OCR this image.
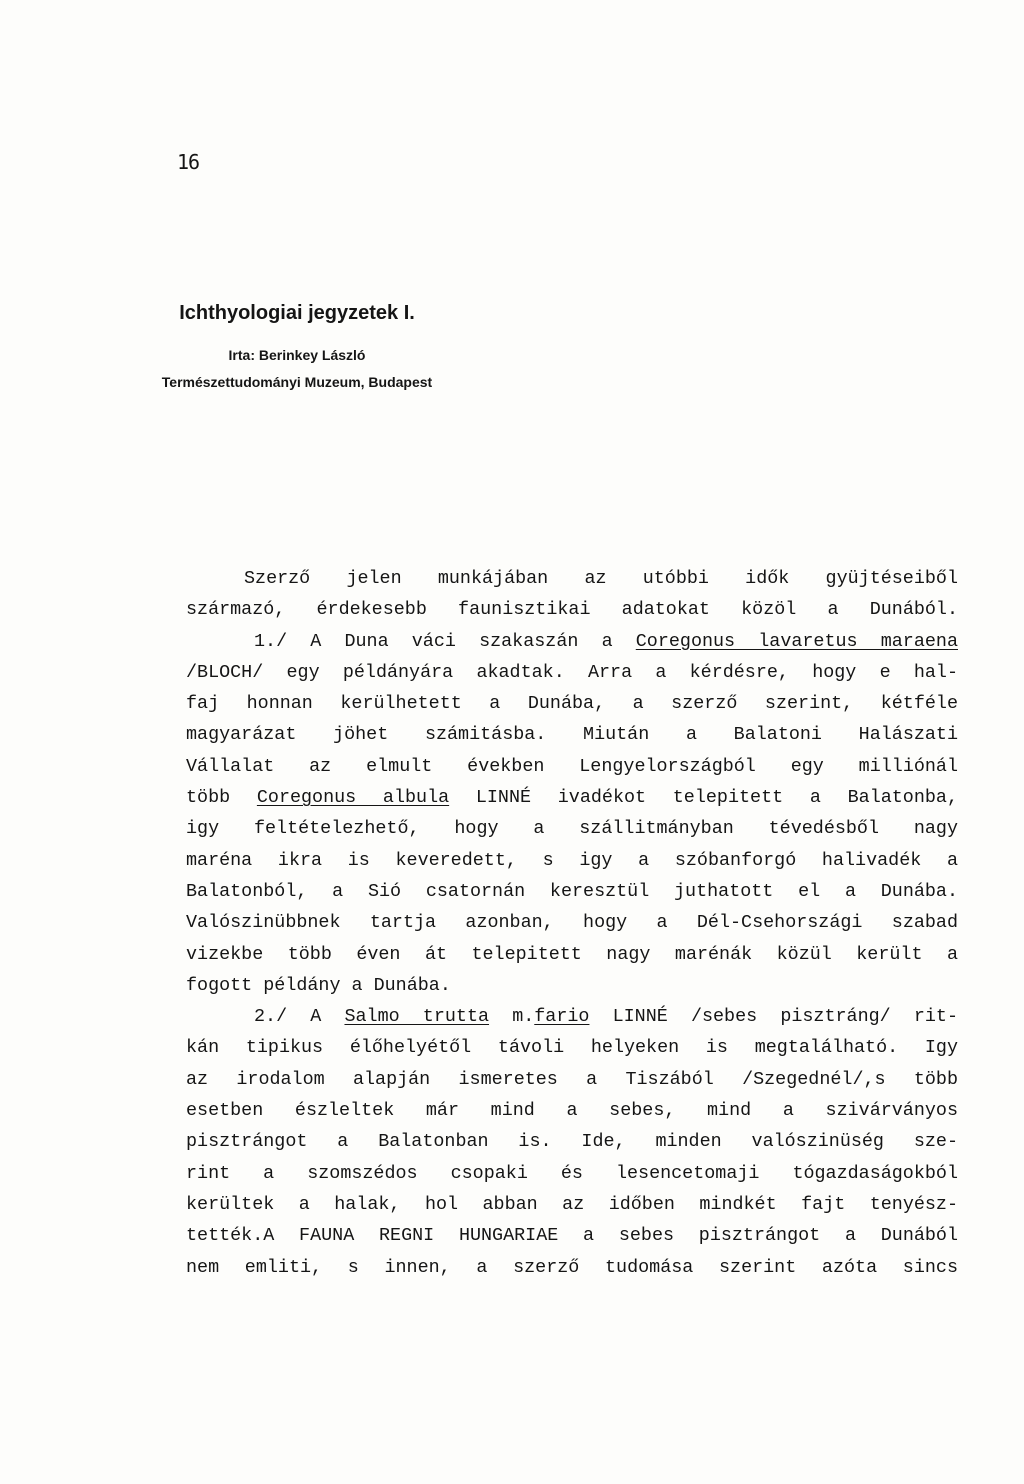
16
Ichthyologiai jegyzetek I.
Irta: Berinkey László
Természettudományi Muzeum, Budapest
Szerző jelen munkájában az utóbbi idők gyüjtéseiből
származó, érdekesebb faunisztikai adatokat közöl a Dunából.
1./ A Duna váci szakaszán a Coregonus lavaretus maraena
/BLOCH/ egy példányára akadtak. Arra a kérdésre, hogy e hal-
faj honnan kerülhetett a Dunába, a szerző szerint, kétféle
magyarázat jöhet számitásba. Miután a Balatoni Halászati
Vállalat az elmult években Lengyelországból egy milliónál
több Coregonus albula LINNÉ ivadékot telepitett a Balatonba,
igy feltételezhető, hogy a szállitmányban tévedésből nagy
maréna ikra is keveredett, s igy a szóbanforgó halivadék a
Balatonból, a Sió csatornán keresztül juthatott el a Dunába.
Valószinübbnek tartja azonban, hogy a Dél-Csehországi szabad
vizekbe több éven át telepitett nagy marénák közül került a
fogott példány a Dunába.
2./ A Salmo trutta m.fario LINNÉ /sebes pisztráng/ rit-
kán tipikus élőhelyétől távoli helyeken is megtalálható. Igy
az irodalom alapján ismeretes a Tiszából /Szegednél/,s több
esetben észleltek már mind a sebes, mind a szivárványos
pisztrángot a Balatonban is. Ide, minden valószinüség sze-
rint a szomszédos csopaki és lesencetomaji tógazdaságokból
kerültek a halak, hol abban az időben mindkét fajt tenyész-
tették.A FAUNA REGNI HUNGARIAE a sebes pisztrángot a Dunából
nem emliti, s innen, a szerző tudomása szerint azóta sincs
